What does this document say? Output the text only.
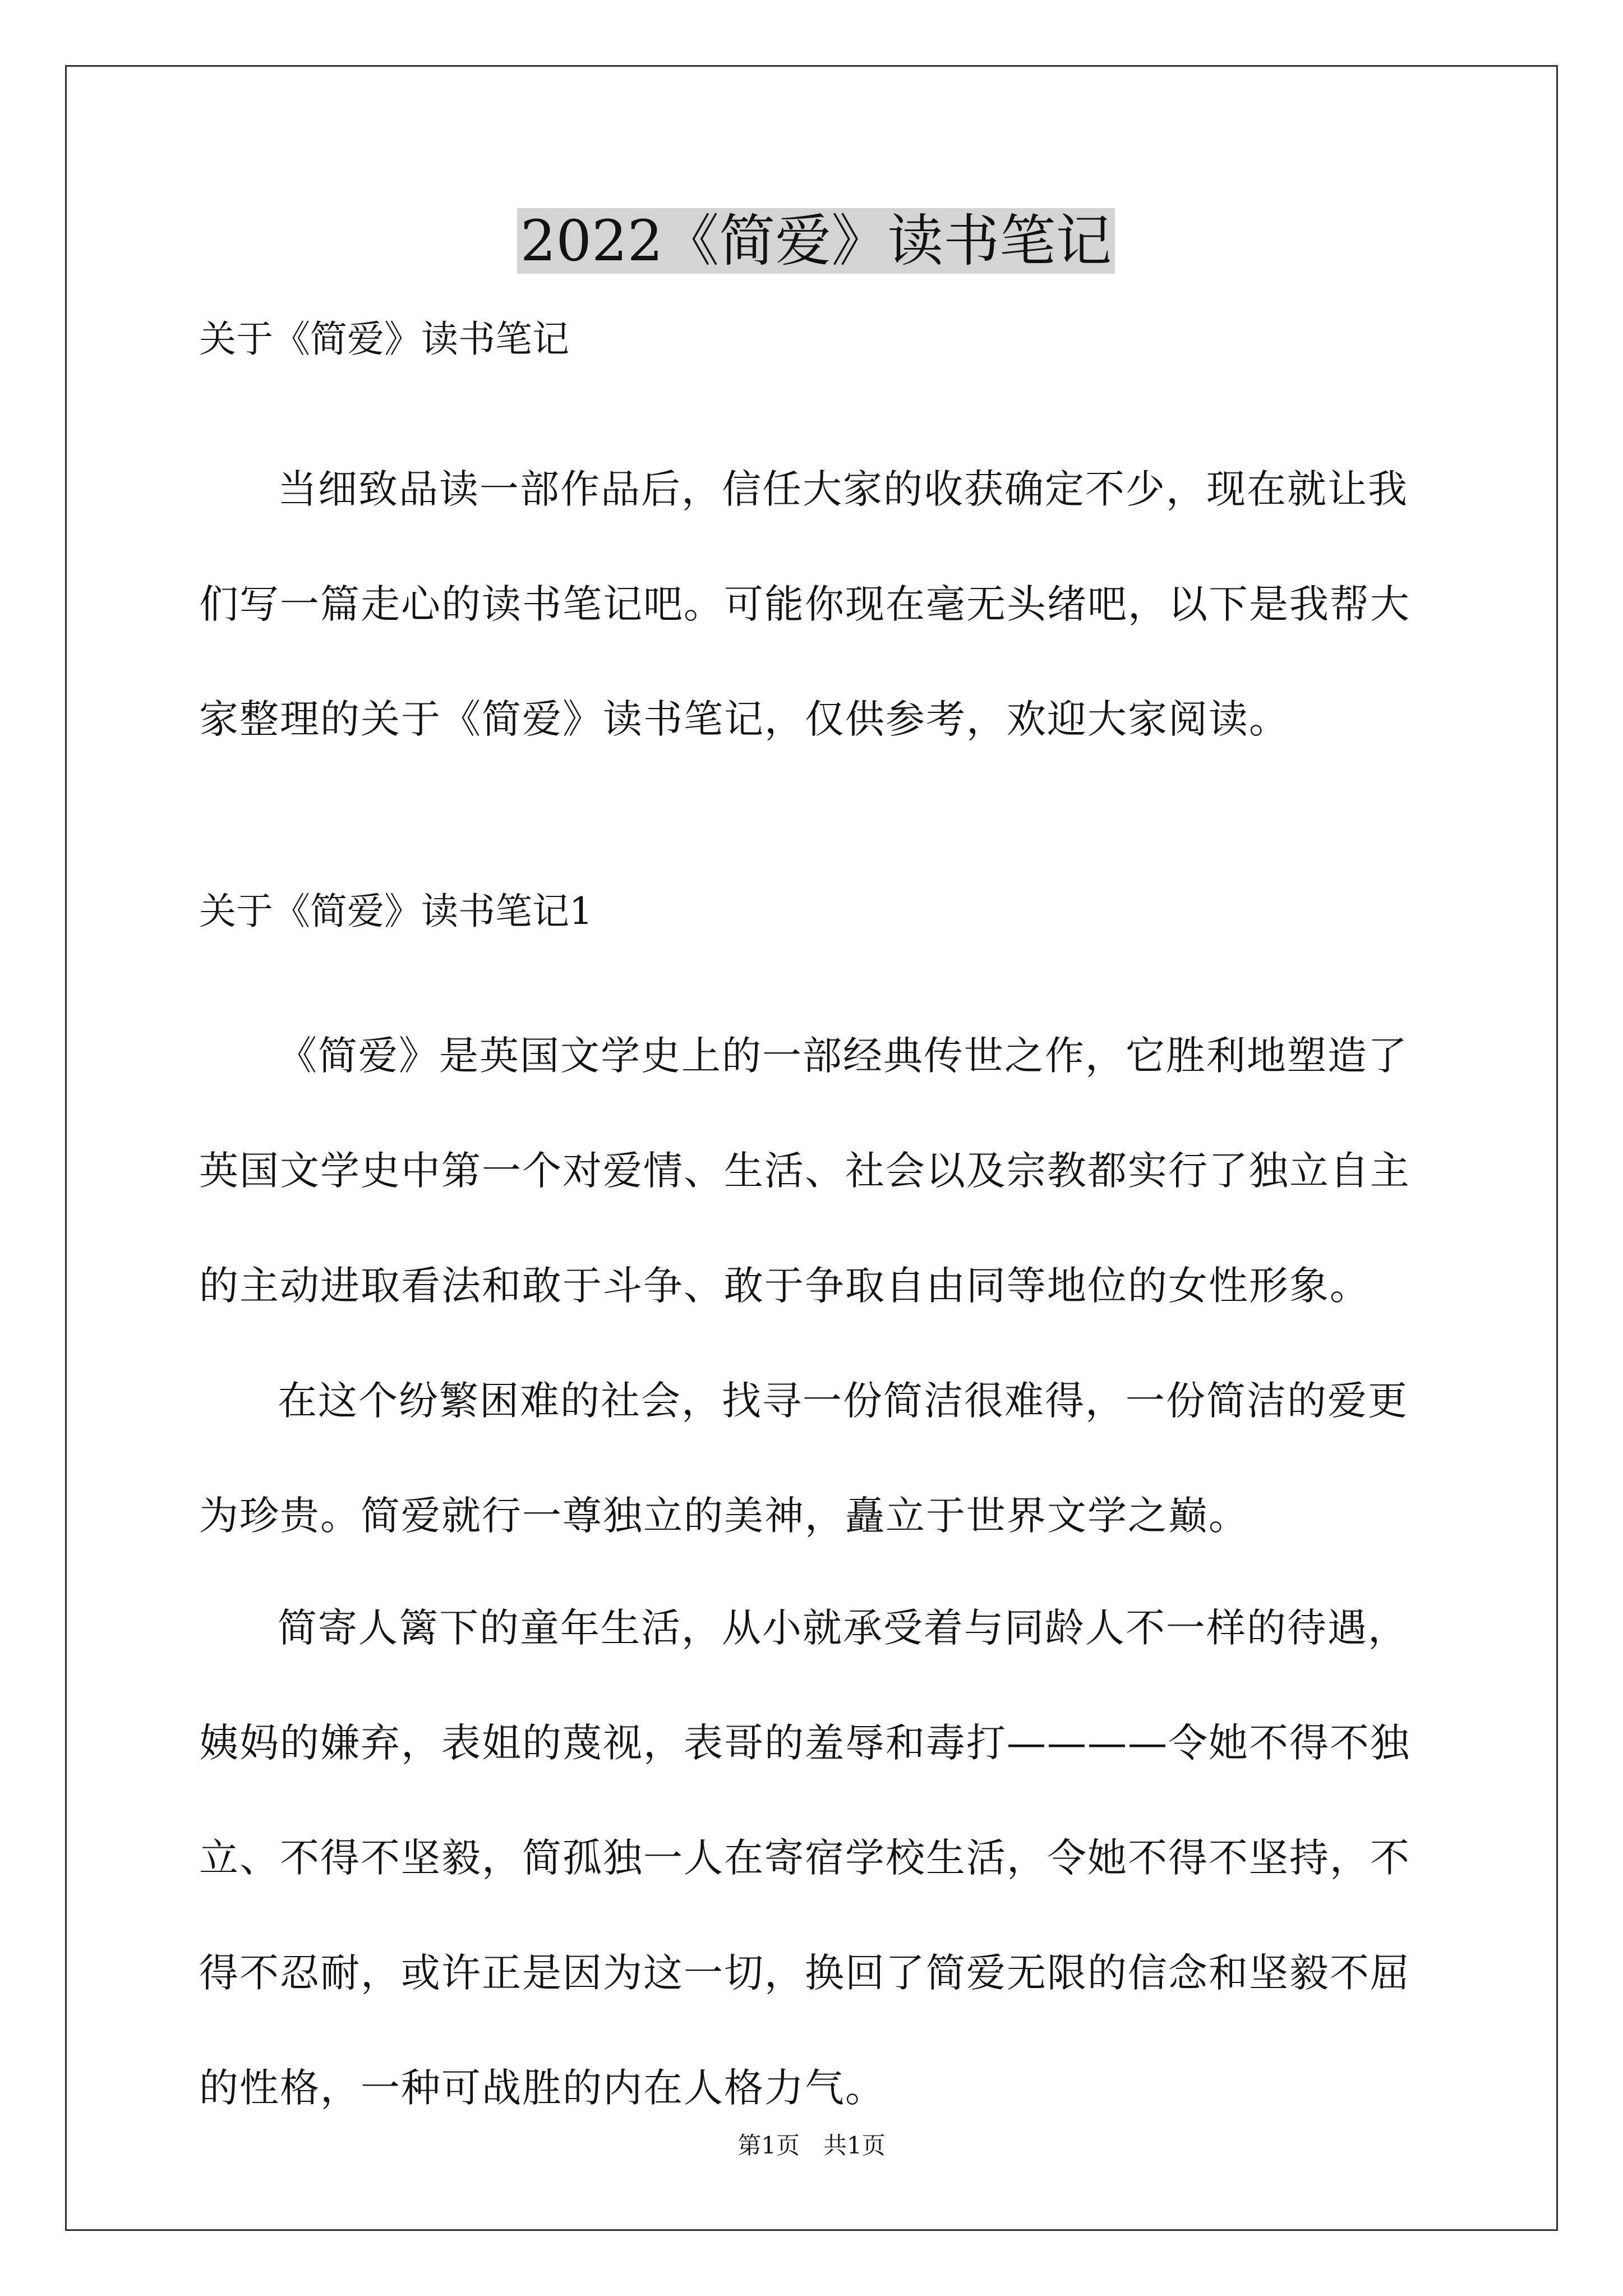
2022《简爱》读书笔记

关于《简爱》读书笔记

当细致品读一部作品后，信任大家的收获确定不少，现在就让我们写一篇走心的读书笔记吧。可能你现在毫无头绪吧，以下是我帮大家整理的关于《简爱》读书笔记，仅供参考，欢迎大家阅读。

关于《简爱》读书笔记1

《简爱》是英国文学史上的一部经典传世之作，它胜利地塑造了英国文学史中第一个对爱情、生活、社会以及宗教都实行了独立自主的主动进取看法和敢于斗争、敢于争取自由同等地位的女性形象。

在这个纷繁困难的社会，找寻一份简洁很难得，一份简洁的爱更为珍贵。简爱就行一尊独立的美神，矗立于世界文学之巅。

简寄人篱下的童年生活，从小就承受着与同龄人不一样的待遇，姨妈的嫌弃，表姐的蔑视，表哥的羞辱和毒打————令她不得不独立、不得不坚毅，简孤独一人在寄宿学校生活，令她不得不坚持，不得不忍耐，或许正是因为这一切，换回了简爱无限的信念和坚毅不屈的性格，一种可战胜的内在人格力气。

第1页　共1页
